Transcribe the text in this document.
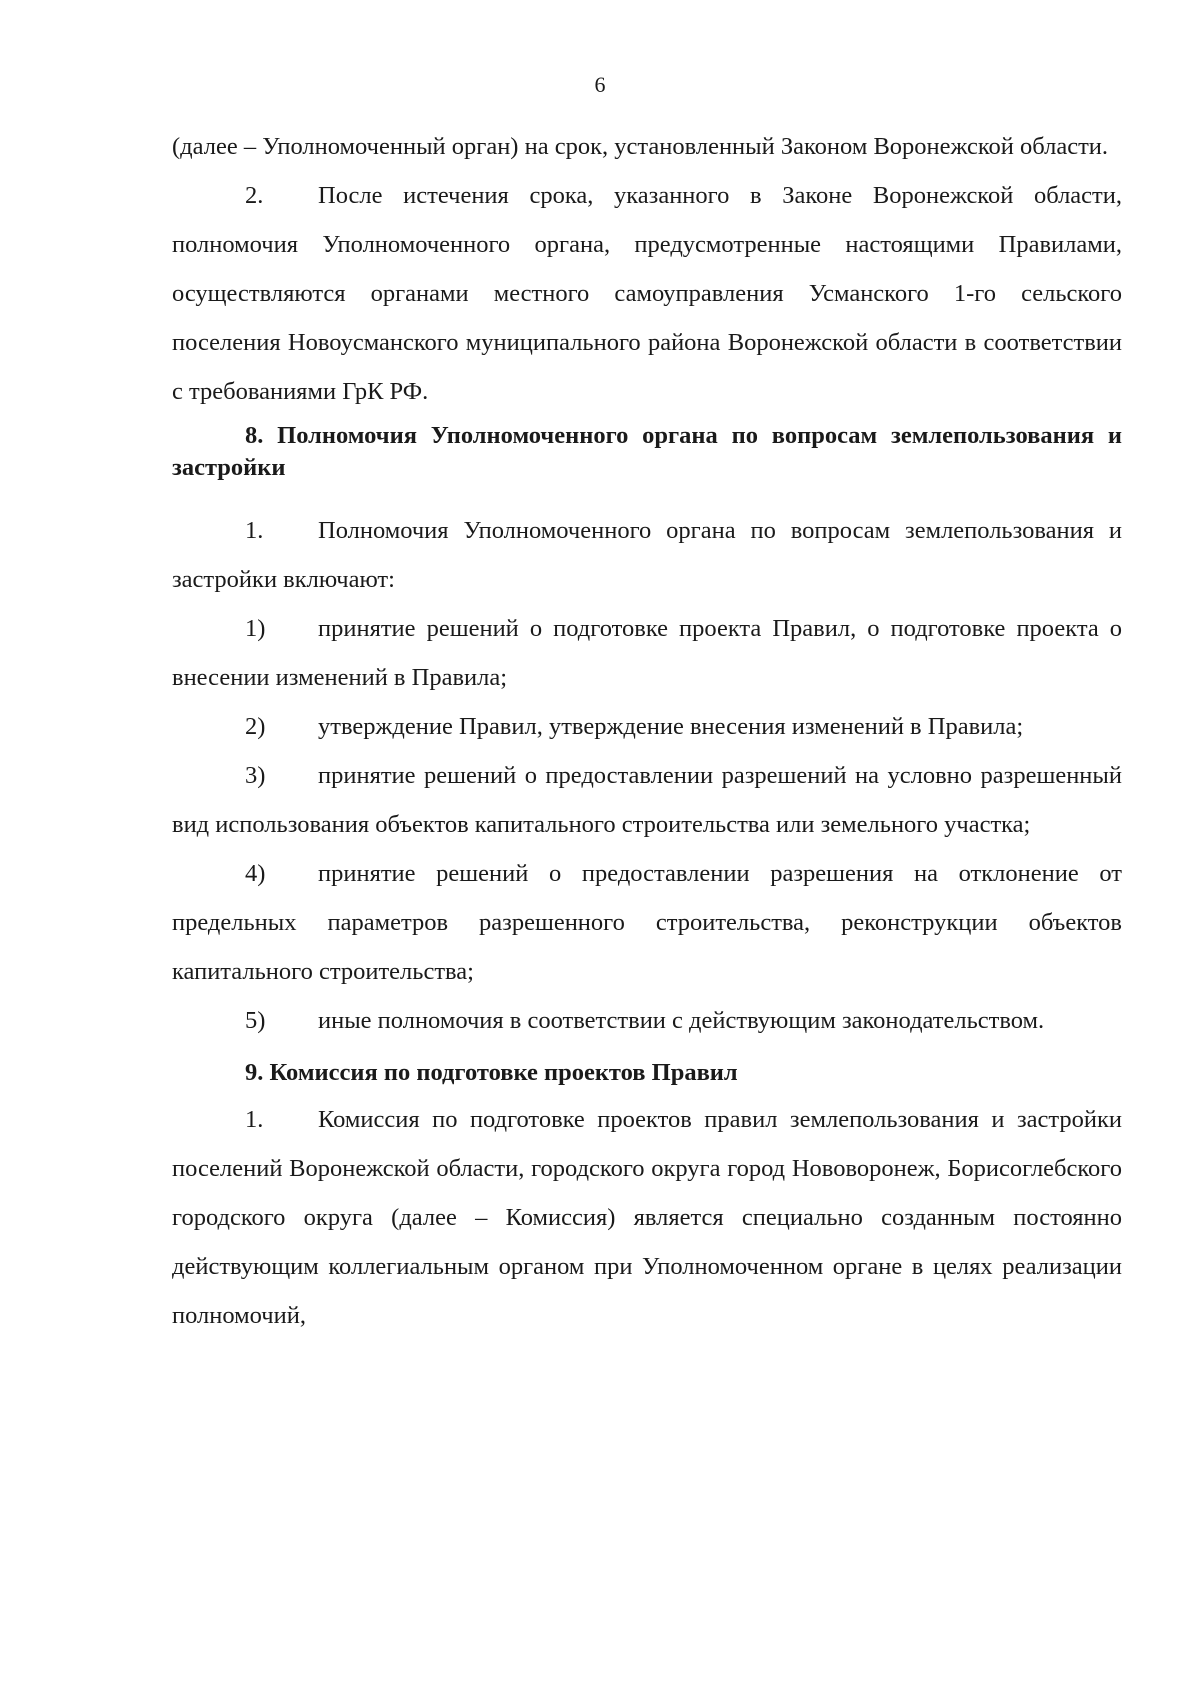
6

(далее – Уполномоченный орган) на срок, установленный Законом Воронежской области.

2. После истечения срока, указанного в Законе Воронежской области, полномочия Уполномоченного органа, предусмотренные настоящими Правилами, осуществляются органами местного самоуправления Усманского 1-го сельского поселения Новоусманского муниципального района Воронежской области в соответствии с требованиями ГрК РФ.

8. Полномочия Уполномоченного органа по вопросам землепользования и застройки

1. Полномочия Уполномоченного органа по вопросам землепользования и застройки включают:

1) принятие решений о подготовке проекта Правил, о подготовке проекта о внесении изменений в Правила;

2) утверждение Правил, утверждение внесения изменений в Правила;

3) принятие решений о предоставлении разрешений на условно разрешенный вид использования объектов капитального строительства или земельного участка;

4) принятие решений о предоставлении разрешения на отклонение от предельных параметров разрешенного строительства, реконструкции объектов капитального строительства;

5) иные полномочия в соответствии с действующим законодательством.

9. Комиссия по подготовке проектов Правил

1. Комиссия по подготовке проектов правил землепользования и застройки поселений Воронежской области, городского округа город Нововоронеж, Борисоглебского городского округа (далее – Комиссия) является специально созданным постоянно действующим коллегиальным органом при Уполномоченном органе в целях реализации полномочий,
